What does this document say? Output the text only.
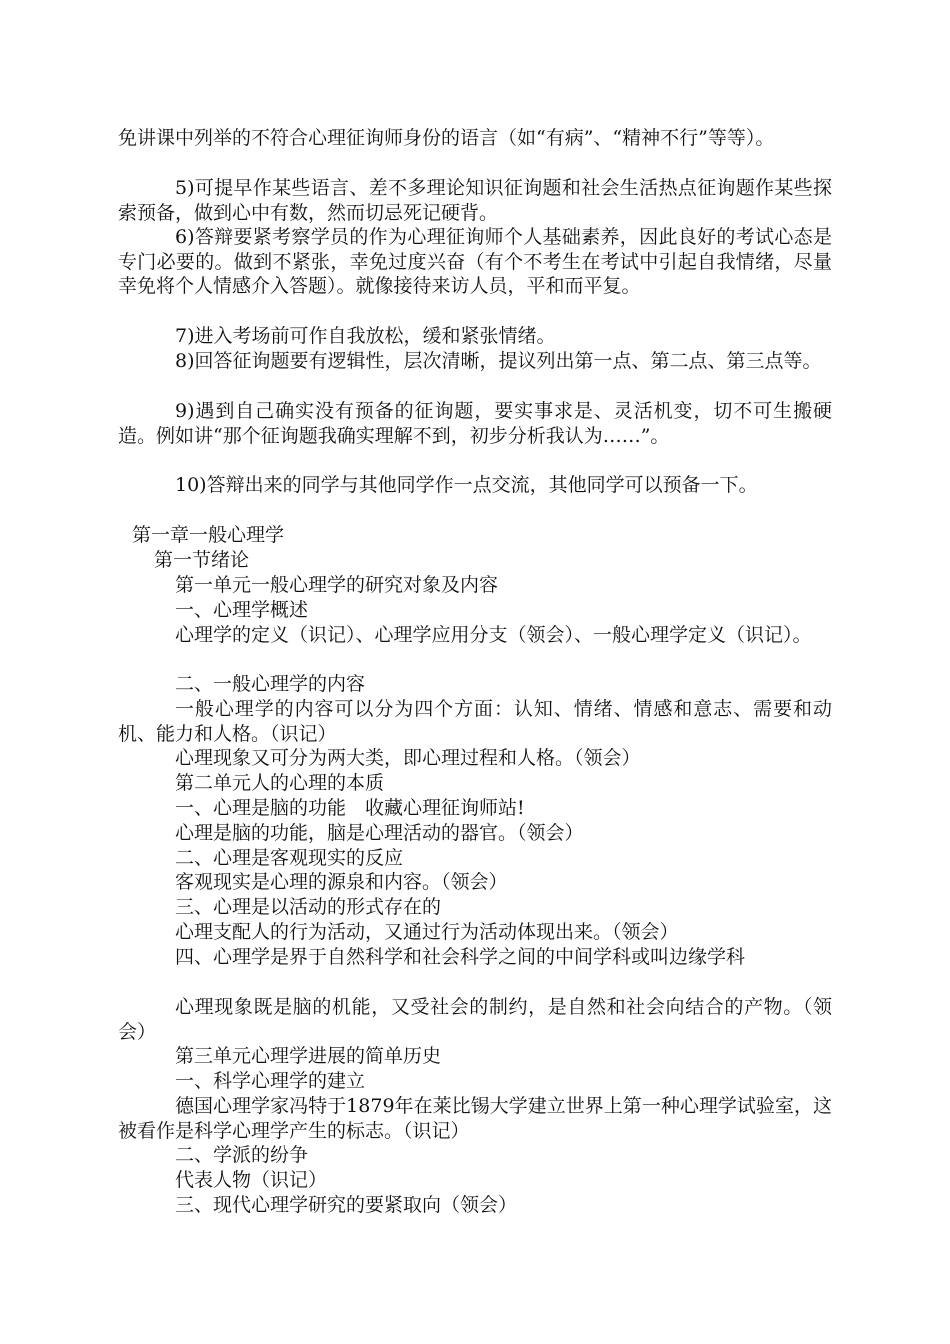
免讲课中列举的不符合心理征询师身份的语言（如“有病”、“精神不行”等等）。
5)可提早作某些语言、差不多理论知识征询题和社会生活热点征询题作某些探索预备，做到心中有数，然而切忌死记硬背。
6)答辩要紧考察学员的作为心理征询师个人基础素养，因此良好的考试心态是专门必要的。做到不紧张，幸免过度兴奋（有个不考生在考试中引起自我情绪，尽量幸免将个人情感介入答题）。就像接待来访人员，平和而平复。
7)进入考场前可作自我放松，缓和紧张情绪。
8)回答征询题要有逻辑性，层次清晰，提议列出第一点、第二点、第三点等。
9)遇到自己确实没有预备的征询题，要实事求是、灵活机变，切不可生搬硬造。例如讲“那个征询题我确实理解不到，初步分析我认为……”。
10)答辩出来的同学与其他同学作一点交流，其他同学可以预备一下。
第一章一般心理学
第一节绪论
第一单元一般心理学的研究对象及内容
一、心理学概述
心理学的定义（识记）、心理学应用分支（领会）、一般心理学定义（识记）。
二、一般心理学的内容
一般心理学的内容可以分为四个方面：认知、情绪、情感和意志、需要和动机、能力和人格。（识记）
心理现象又可分为两大类，即心理过程和人格。（领会）
第二单元人的心理的本质
一、心理是脑的功能　收藏心理征询师站!
心理是脑的功能，脑是心理活动的器官。（领会）
二、心理是客观现实的反应
客观现实是心理的源泉和内容。（领会）
三、心理是以活动的形式存在的
心理支配人的行为活动，又通过行为活动体现出来。（领会）
四、心理学是界于自然科学和社会科学之间的中间学科或叫边缘学科
心理现象既是脑的机能，又受社会的制约，是自然和社会向结合的产物。（领会）
第三单元心理学进展的简单历史
一、科学心理学的建立
德国心理学家冯特于1879年在莱比锡大学建立世界上第一种心理学试验室，这被看作是科学心理学产生的标志。（识记）
二、学派的纷争
代表人物（识记）
三、现代心理学研究的要紧取向（领会）
